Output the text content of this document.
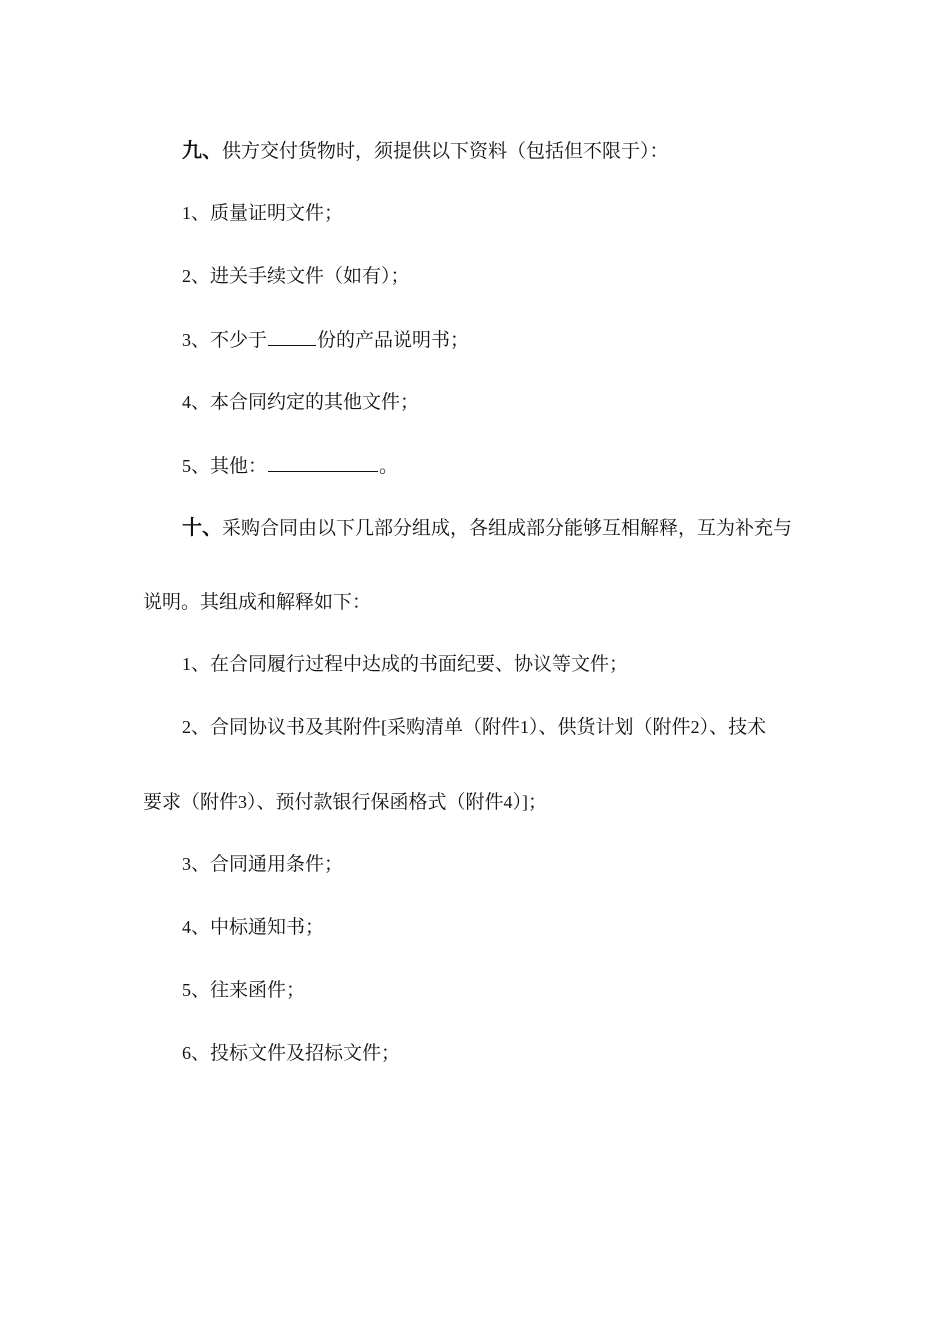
九、供方交付货物时，须提供以下资料（包括但不限于）：
1、质量证明文件；
2、进关手续文件（如有）；
3、不少于	份的产品说明书；
4、本合同约定的其他文件；
5、其他：	。
十、采购合同由以下几部分组成，各组成部分能够互相解释，互为补充与
说明。其组成和解释如下：
1、在合同履行过程中达成的书面纪要、协议等文件；
2、合同协议书及其附件[采购清单（附件1）、供货计划（附件2）、技术
要求（附件3）、预付款银行保函格式（附件4）]；
3、合同通用条件；
4、中标通知书；
5、往来函件；
6、投标文件及招标文件；
